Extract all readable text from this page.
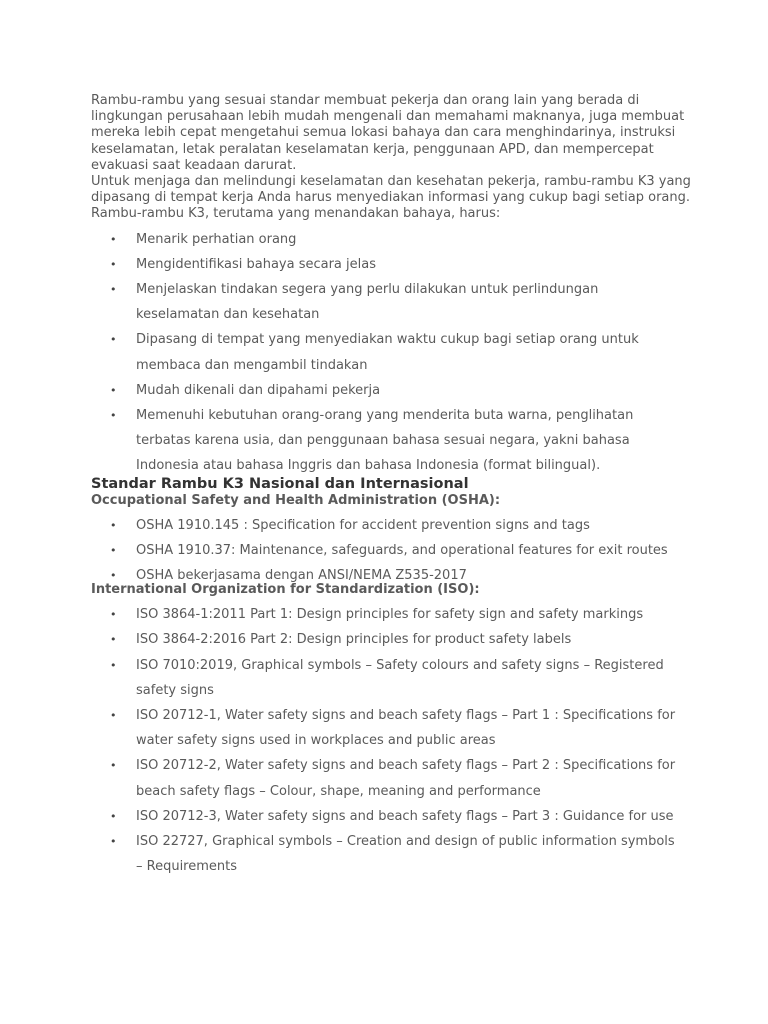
Rambu-rambu yang sesuai standar membuat pekerja dan orang lain yang berada di lingkungan perusahaan lebih mudah mengenali dan memahami maknanya, juga membuat mereka lebih cepat mengetahui semua lokasi bahaya dan cara menghindarinya, instruksi keselamatan, letak peralatan keselamatan kerja, penggunaan APD, dan mempercepat evakuasi saat keadaan darurat.

Untuk menjaga dan melindungi keselamatan dan kesehatan pekerja, rambu-rambu K3 yang dipasang di tempat kerja Anda harus menyediakan informasi yang cukup bagi setiap orang. Rambu-rambu K3, terutama yang menandakan bahaya, harus:

• Menarik perhatian orang
• Mengidentifikasi bahaya secara jelas
• Menjelaskan tindakan segera yang perlu dilakukan untuk perlindungan keselamatan dan kesehatan
• Dipasang di tempat yang menyediakan waktu cukup bagi setiap orang untuk membaca dan mengambil tindakan
• Mudah dikenali dan dipahami pekerja
• Memenuhi kebutuhan orang-orang yang menderita buta warna, penglihatan terbatas karena usia, dan penggunaan bahasa sesuai negara, yakni bahasa Indonesia atau bahasa Inggris dan bahasa Indonesia (format bilingual).
Standar Rambu K3 Nasional dan Internasional
Occupational Safety and Health Administration (OSHA):
• OSHA 1910.145 : Specification for accident prevention signs and tags
• OSHA 1910.37: Maintenance, safeguards, and operational features for exit routes
• OSHA bekerjasama dengan ANSI/NEMA Z535-2017
International Organization for Standardization (ISO):
• ISO 3864-1:2011 Part 1: Design principles for safety sign and safety markings
• ISO 3864-2:2016 Part 2: Design principles for product safety labels
• ISO 7010:2019, Graphical symbols – Safety colours and safety signs – Registered safety signs
• ISO 20712-1, Water safety signs and beach safety flags – Part 1 : Specifications for water safety signs used in workplaces and public areas
• ISO 20712-2, Water safety signs and beach safety flags – Part 2 : Specifications for beach safety flags – Colour, shape, meaning and performance
• ISO 20712-3, Water safety signs and beach safety flags – Part 3 : Guidance for use
• ISO 22727, Graphical symbols – Creation and design of public information symbols – Requirements
